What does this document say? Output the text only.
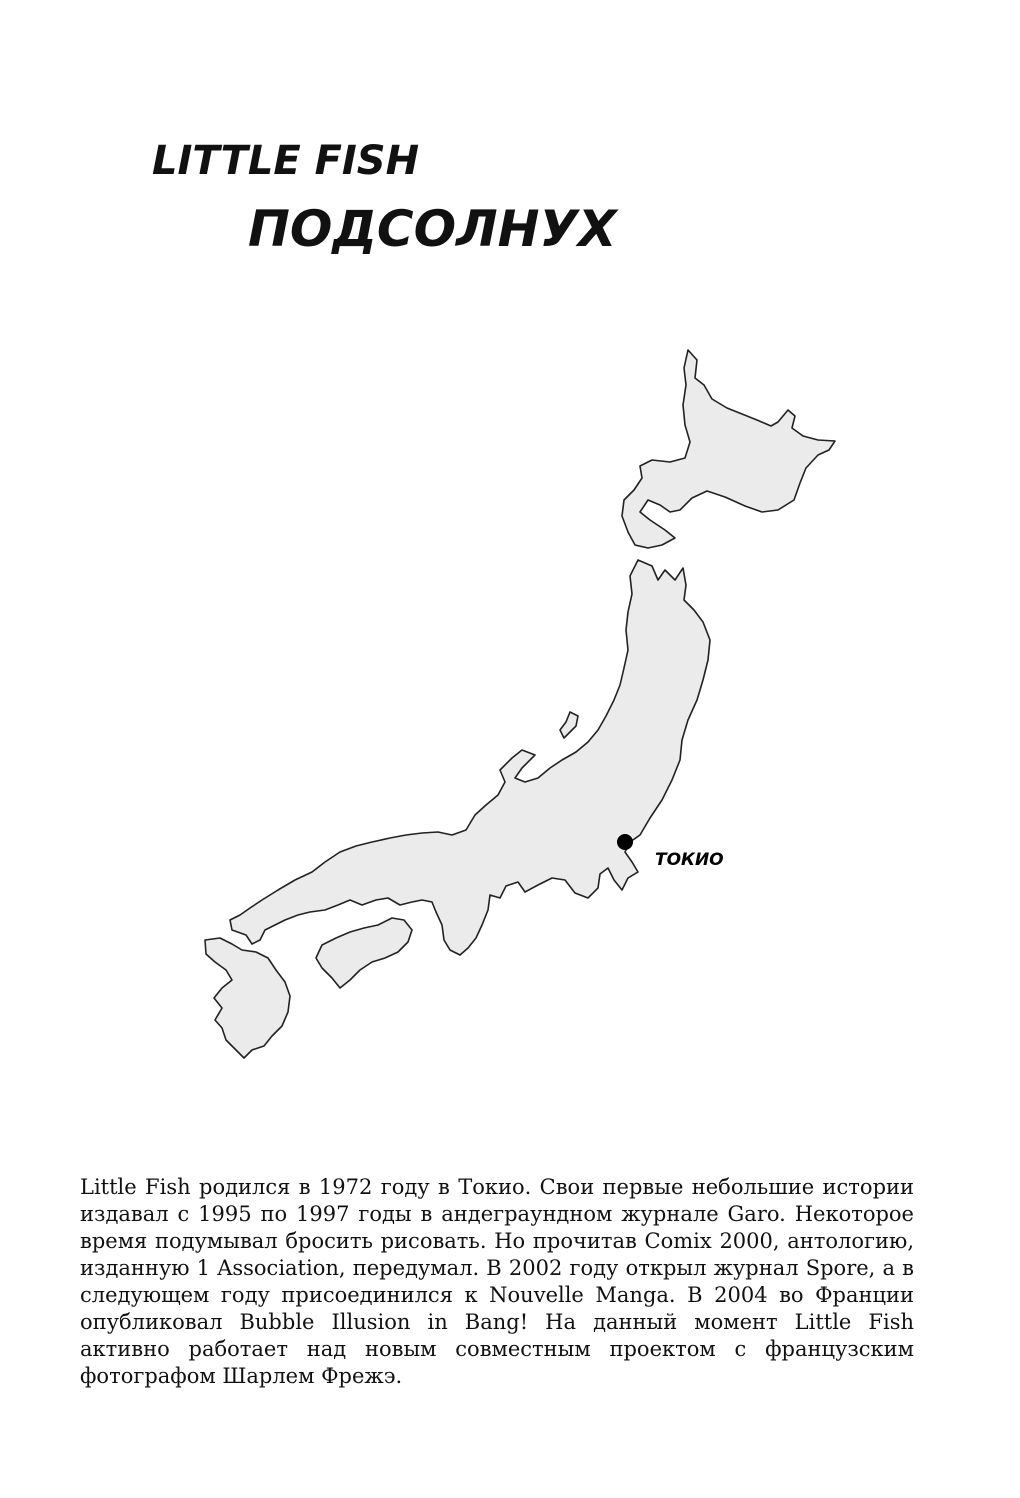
LITTLE FISH
ПОДСОЛНУХ
ТОКИО

Little Fish родился в 1972 году в Токио. Свои первые небольшие истории издавал с 1995 по 1997 годы в андеграундном журнале Garo. Некоторое время подумывал бросить рисовать. Но прочитав Comix 2000, антологию, изданную 1 Association, передумал. В 2002 году открыл журнал Spore, а в следующем году присоединился к Nouvelle Manga. В 2004 во Франции опубликовал Bubble Illusion in Bang! На данный момент Little Fish активно работает над новым совместным проектом с французским фотографом Шарлем Фрежэ.
